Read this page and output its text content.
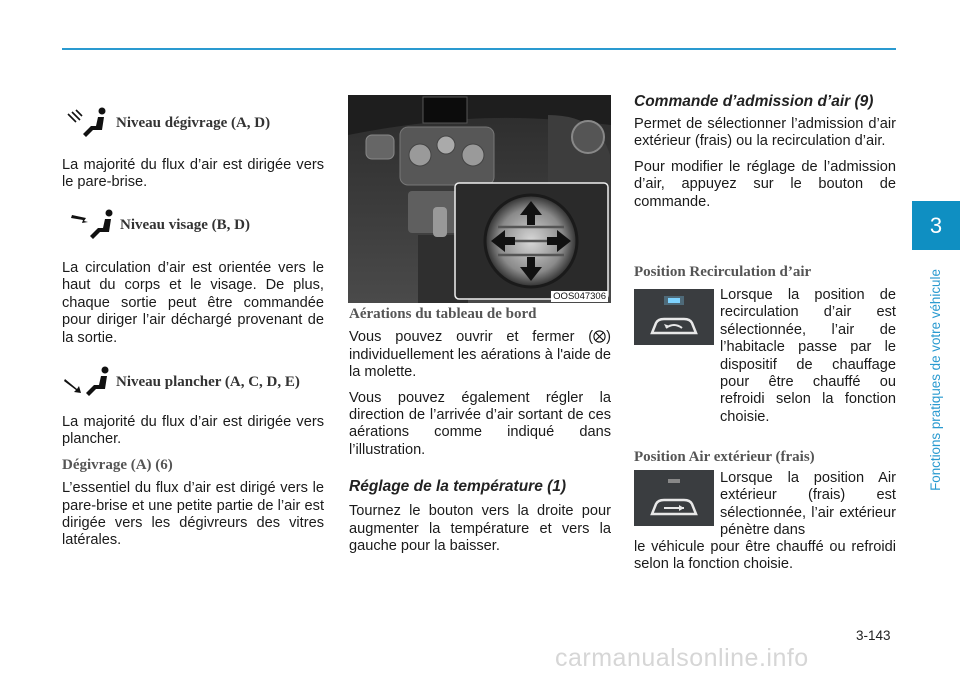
3
Fonctions pratiques de votre véhicule
Niveau dégivrage (A, D)

La majorité du flux d’air est dirigée vers le pare-brise.

Niveau visage (B, D)

La circulation d’air est orientée vers le haut du corps et le visage. De plus, chaque sortie peut être commandée pour diriger l’air déchargé provenant de la sortie.

Niveau plancher (A, C, D, E)

La majorité du flux d’air est dirigée vers plancher.

Dégivrage (A) (6)

L’essentiel du flux d’air est dirigé vers le pare-brise et une petite partie de l’air est dirigée vers les dégivreurs des vitres latérales.

OOS047306
Aérations du tableau de bord

Vous pouvez ouvrir et fermer ( ) individuellement les aérations à l'aide de la molette.

Vous pouvez également régler la direction de l’arrivée d’air sortant de ces aérations comme indiqué dans l’illustration.

Réglage de la température (1)

Tournez le bouton vers la droite pour augmenter la température et vers la gauche pour la baisser.

Commande d’admission d’air (9)

Permet de sélectionner l’admission d’air extérieur (frais) ou la recirculation d’air.

Pour modifier le réglage de l’admission d’air, appuyez sur le bouton de commande.

Position Recirculation d’air

Lorsque la position de recirculation d’air est sélectionnée, l’air de l’habitacle passe par le dispositif de chauffage pour être chauffé ou refroidi selon la fonction choisie.

Position Air extérieur (frais)

Lorsque la position Air extérieur (frais) est sélectionnée, l’air extérieur pénètre dans

le véhicule pour être chauffé ou refroidi selon la fonction choisie.

3-143
carmanualsonline.info
